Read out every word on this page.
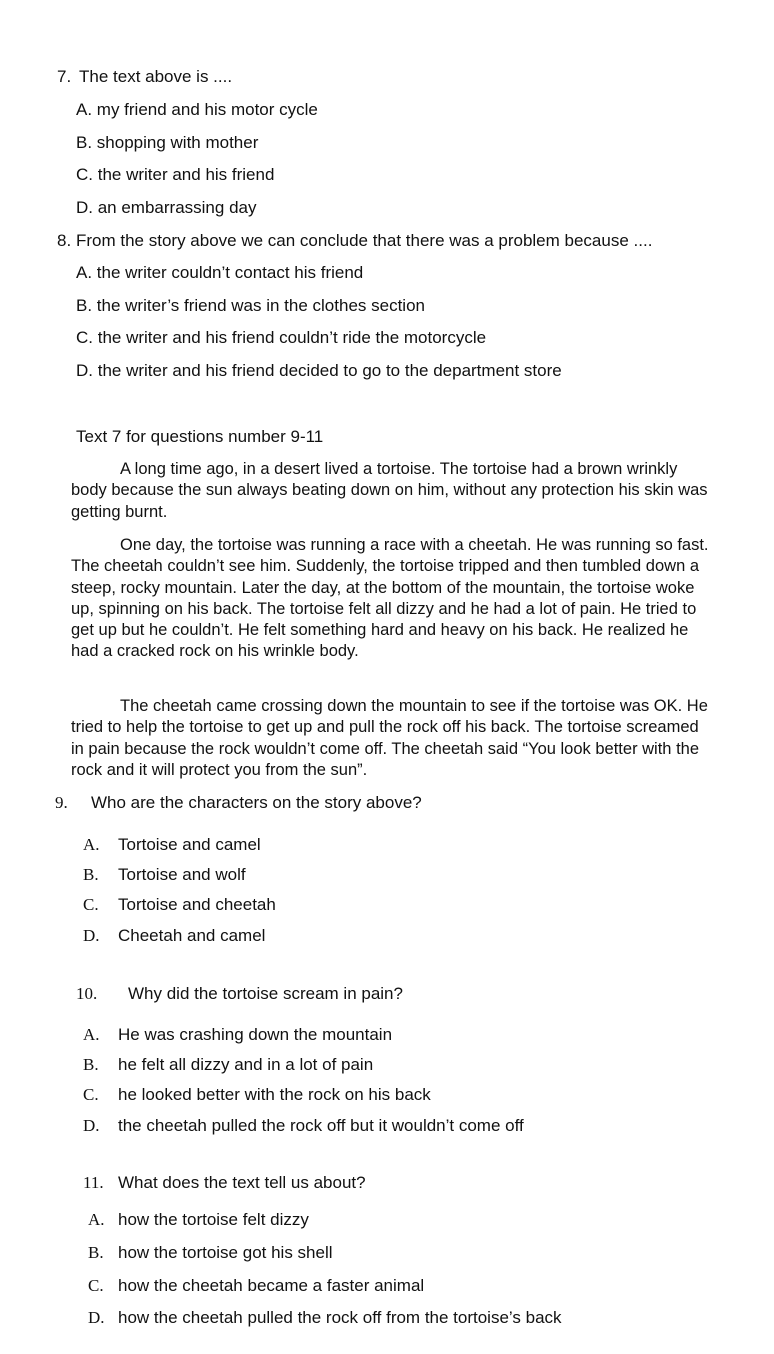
7. The text above is ....
A. my friend and his motor cycle
B. shopping with mother
C. the writer and his friend
D. an embarrassing day
8. From the story above we can conclude that there was a problem because ....
A. the writer couldn’t contact his friend
B. the writer’s friend was in the clothes section
C. the writer and his friend couldn’t ride the motorcycle
D. the writer and his friend decided to go to the department store
Text 7 for questions number 9-11
A long time ago, in a desert lived a tortoise. The tortoise had a brown wrinkly body because the sun always beating down on him, without any protection his skin was getting burnt.
One day, the tortoise was running a race with a cheetah. He was running so fast. The cheetah couldn’t see him. Suddenly, the tortoise tripped and then tumbled down a steep, rocky mountain. Later the day, at the bottom of the mountain, the tortoise woke up, spinning on his back. The tortoise felt all dizzy and he had a lot of pain. He tried to get up but he couldn’t. He felt something hard and heavy on his back. He realized he had a cracked rock on his wrinkle body.
The cheetah came crossing down the mountain to see if the tortoise was OK. He tried to help the tortoise to get up and pull the rock off his back. The tortoise screamed in pain because the rock wouldn’t come off. The cheetah said “You look better with the rock and it will protect you from the sun”.
9. Who are the characters on the story above?
A. Tortoise and camel
B. Tortoise and wolf
C. Tortoise and cheetah
D. Cheetah and camel
10. Why did the tortoise scream in pain?
A. He was crashing down the mountain
B. he felt all dizzy and in a lot of pain
C. he looked better with the rock on his back
D. the cheetah pulled the rock off but it wouldn’t come off
11. What does the text tell us about?
A. how the tortoise felt dizzy
B. how the tortoise got his shell
C. how the cheetah became a faster animal
D. how the cheetah pulled the rock off from the tortoise’s back
